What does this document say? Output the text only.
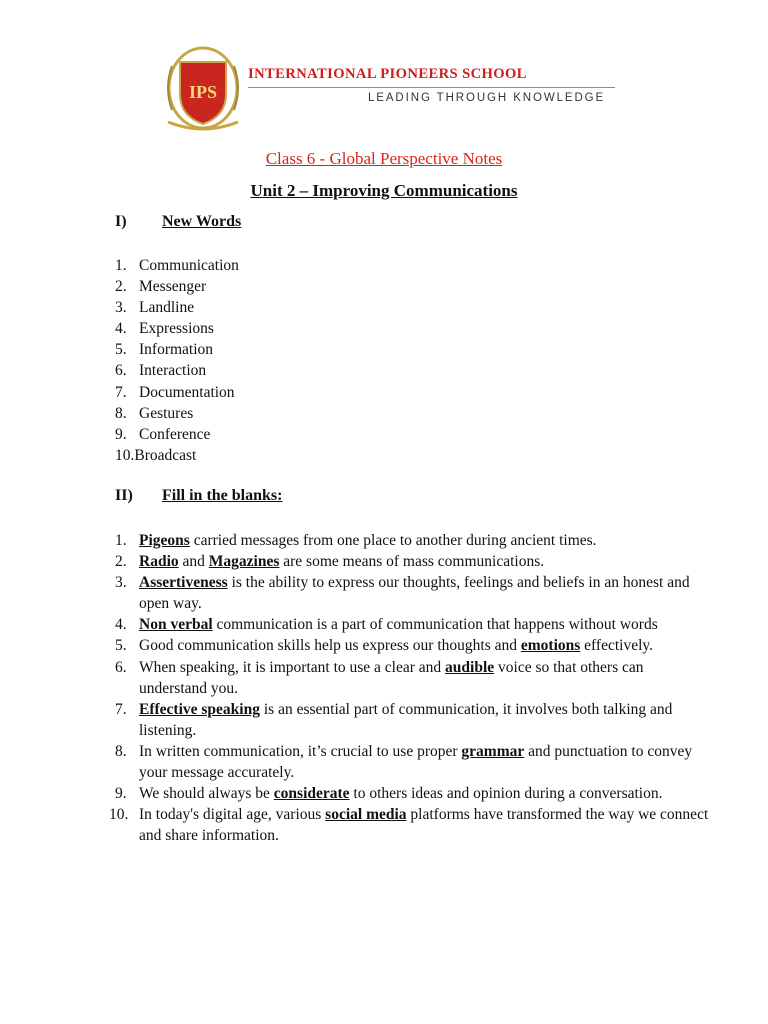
IPS
INTERNATIONAL PIONEERS SCHOOL
LEADING THROUGH KNOWLEDGE
Class 6 - Global Perspective Notes
Unit 2 – Improving Communications
I) New Words
1. Communication
2. Messenger
3. Landline
4. Expressions
5. Information
6. Interaction
7. Documentation
8. Gestures
9. Conference
10.Broadcast
II) Fill in the blanks:
1. Pigeons carried messages from one place to another during ancient times.
2. Radio and Magazines are some means of mass communications.
3. Assertiveness is the ability to express our thoughts, feelings and beliefs in an honest and open way.
4. Non verbal communication is a part of communication that happens without words
5. Good communication skills help us express our thoughts and emotions effectively.
6. When speaking, it is important to use a clear and audible voice so that others can understand you.
7. Effective speaking is an essential part of communication, it involves both talking and listening.
8. In written communication, it’s crucial to use proper grammar and punctuation to convey your message accurately.
9. We should always be considerate to others ideas and opinion during a conversation.
10. In today's digital age, various social media platforms have transformed the way we connect and share information.
